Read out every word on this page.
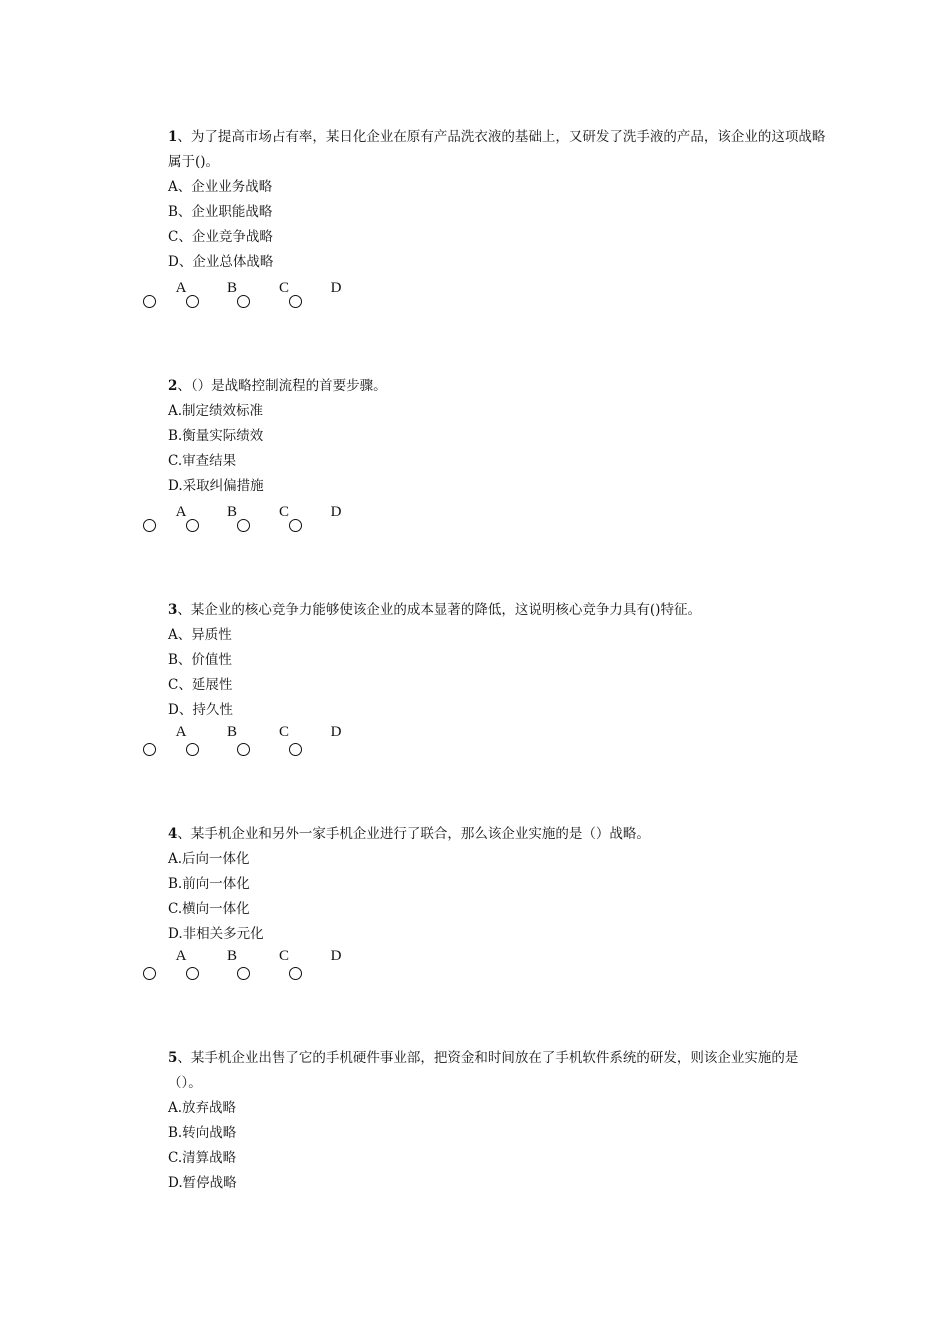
1、为了提高市场占有率，某日化企业在原有产品洗衣液的基础上，又研发了洗手液的产品，该企业的这项战略属于()。

A、企业业务战略

B、企业职能战略

C、企业竞争战略

D、企业总体战略

A	B	C	D

2、（）是战略控制流程的首要步骤。

A.制定绩效标准

B.衡量实际绩效

C.审查结果

D.采取纠偏措施

A	B	C	D

3、某企业的核心竞争力能够使该企业的成本显著的降低，这说明核心竞争力具有()特征。

A、异质性

B、价值性

C、延展性

D、持久性

A	B	C	D

4、某手机企业和另外一家手机企业进行了联合，那么该企业实施的是（）战略。

A.后向一体化

B.前向一体化

C.横向一体化

D.非相关多元化

A	B	C	D

5、某手机企业出售了它的手机硬件事业部，把资金和时间放在了手机软件系统的研发，则该企业实施的是（）。

A.放弃战略

B.转向战略

C.清算战略

D.暂停战略
